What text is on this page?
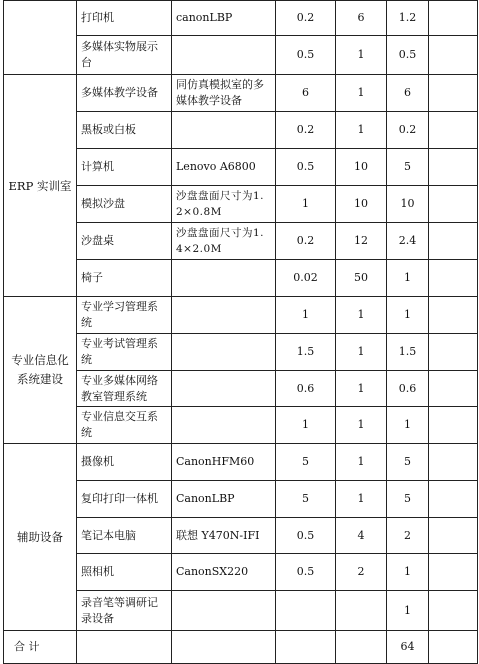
	打印机	canonLBP	0.2	6	1.2	
	多媒体实物展示台		0.5	1	0.5	
ERP 实训室	多媒体教学设备	同仿真模拟室的多媒体教学设备	6	1	6	
	黑板或白板		0.2	1	0.2	
	计算机	Lenovo A6800	0.5	10	5	
	模拟沙盘	沙盘盘面尺寸为1.2×0.8M	1	10	10	
	沙盘桌	沙盘盘面尺寸为1.4×2.0M	0.2	12	2.4	
	椅子		0.02	50	1	
专业信息化系统建设	专业学习管理系统		1	1	1	
	专业考试管理系统		1.5	1	1.5	
	专业多媒体网络教室管理系统		0.6	1	0.6	
	专业信息交互系统		1	1	1	
辅助设备	摄像机	CanonHFM60	5	1	5	
	复印打印一体机	CanonLBP	5	1	5	
	笔记本电脑	联想 Y470N-IFI	0.5	4	2	
	照相机	CanonSX220	0.5	2	1	
	录音笔等调研记录设备				1	
合 计					64	
